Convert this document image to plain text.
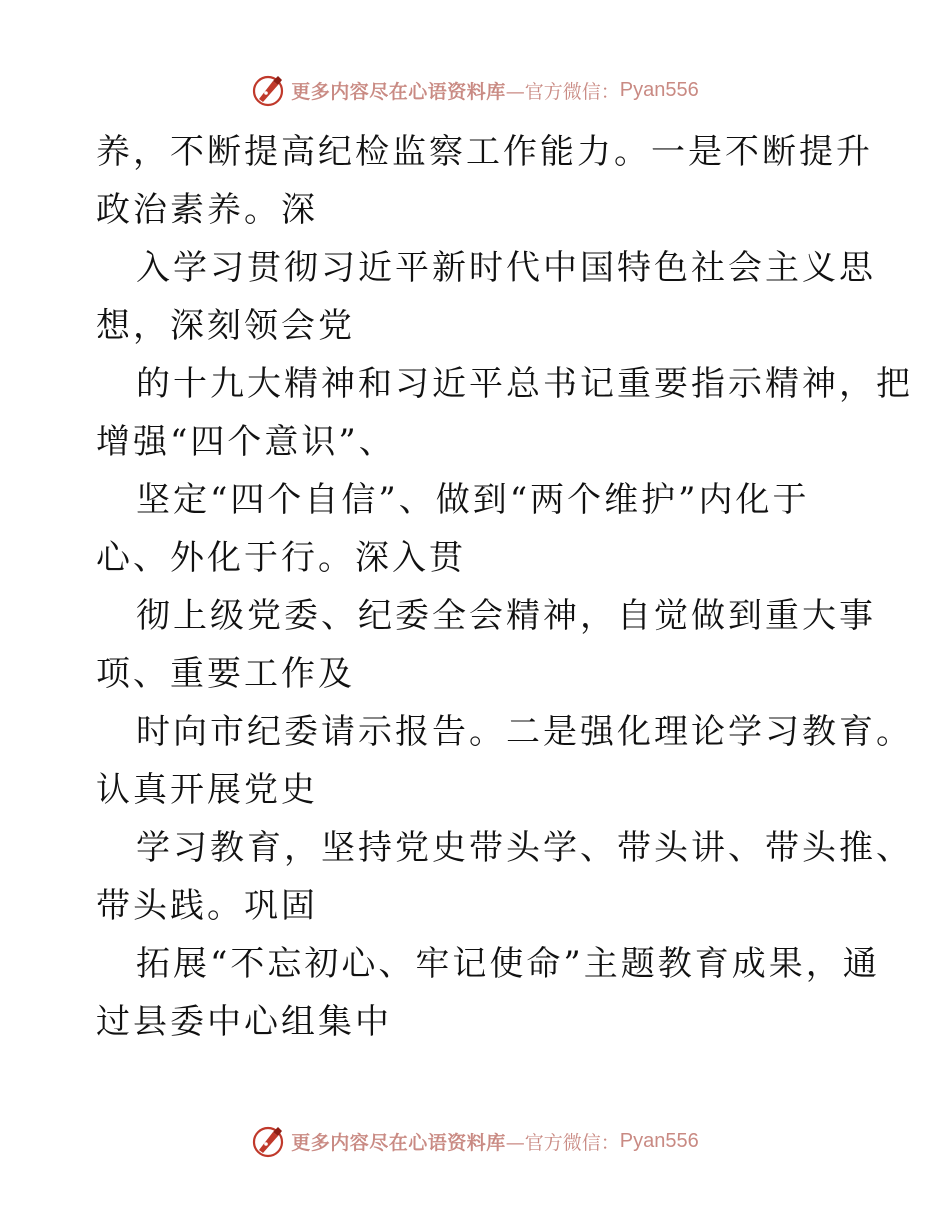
更多内容尽在心语资料库 —官方微信： Pyan556
养，不断提高纪检监察工作能力。一是不断提升
政治素养。深
入学习贯彻习近平新时代中国特色社会主义思
想，深刻领会党
的十九大精神和习近平总书记重要指示精神，把
增强“四个意识”、
坚定“四个自信”、做到“两个维护”内化于
心、外化于行。深入贯
彻上级党委、纪委全会精神，自觉做到重大事
项、重要工作及
时向市纪委请示报告。二是强化理论学习教育。
认真开展党史
学习教育，坚持党史带头学、带头讲、带头推、
带头践。巩固
拓展“不忘初心、牢记使命”主题教育成果，通
过县委中心组集中
更多内容尽在心语资料库 —官方微信： Pyan556
